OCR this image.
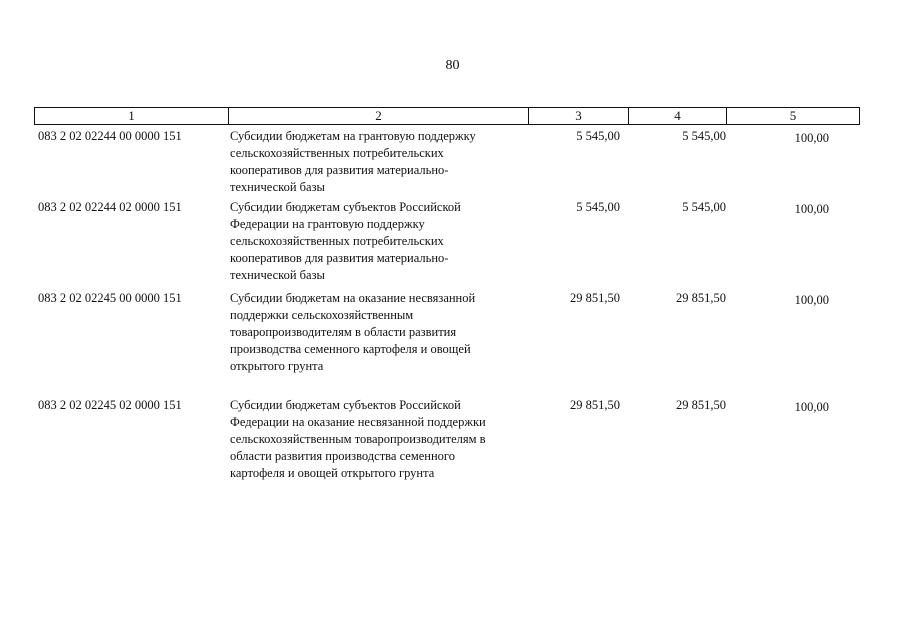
80
1	2	3	4	5
083 2 02 02244 00 0000 151	Субсидии бюджетам на грантовую поддержку
сельскохозяйственных потребительских
кооперативов для развития материально-
технической базы
5 545,00	5 545,00	100,00
083 2 02 02244 02 0000 151	Субсидии бюджетам субъектов Российской
Федерации на грантовую поддержку
сельскохозяйственных потребительских
кооперативов для развития материально-
технической базы
5 545,00	5 545,00	100,00
083 2 02 02245 00 0000 151	Субсидии бюджетам на оказание несвязанной
поддержки сельскохозяйственным
товаропроизводителям в области развития
производства семенного картофеля и овощей
открытого грунта
29 851,50	29 851,50	100,00
083 2 02 02245 02 0000 151	Субсидии бюджетам субъектов Российской
Федерации на оказание несвязанной поддержки
сельскохозяйственным товаропроизводителям в
области развития производства семенного
картофеля и овощей открытого грунта
29 851,50	29 851,50	100,00
